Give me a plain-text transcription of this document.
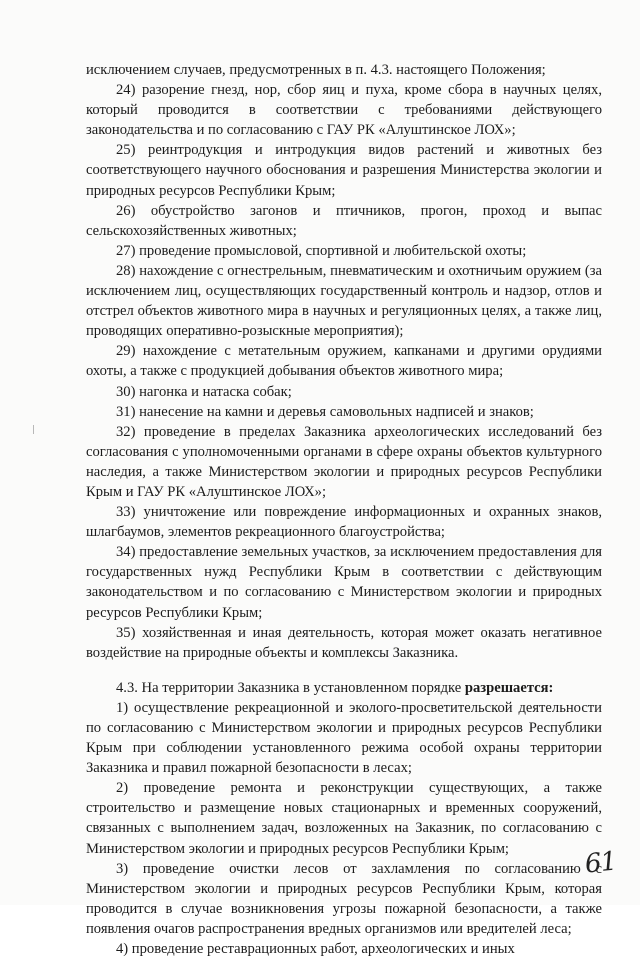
исключением случаев, предусмотренных в п. 4.3. настоящего Положения;

24) разорение гнезд, нор, сбор яиц и пуха, кроме сбора в научных целях, который проводится в соответствии с требованиями действующего законодательства и по согласованию с ГАУ РК «Алуштинское ЛОХ»;

25) реинтродукция и интродукция видов растений и животных без соответствующего научного обоснования и разрешения Министерства экологии и природных ресурсов Республики Крым;

26) обустройство загонов и птичников, прогон, проход и выпас сельскохозяйственных животных;

27) проведение промысловой, спортивной и любительской охоты;

28) нахождение с огнестрельным, пневматическим и охотничьим оружием (за исключением лиц, осуществляющих государственный контроль и надзор, отлов и отстрел объектов животного мира в научных и регуляционных целях, а также лиц, проводящих оперативно-розыскные мероприятия);

29) нахождение с метательным оружием, капканами и другими орудиями охоты, а также с продукцией добывания объектов животного мира;

30) нагонка и натаска собак;

31) нанесение на камни и деревья самовольных надписей и знаков;

32) проведение в пределах Заказника археологических исследований без согласования с уполномоченными органами в сфере охраны объектов культурного наследия, а также Министерством экологии и природных ресурсов Республики Крым и ГАУ РК «Алуштинское ЛОХ»;

33) уничтожение или повреждение информационных и охранных знаков, шлагбаумов, элементов рекреационного благоустройства;

34) предоставление земельных участков, за исключением предоставления для государственных нужд Республики Крым в соответствии с действующим законодательством и по согласованию с Министерством экологии и природных ресурсов Республики Крым;

35) хозяйственная и иная деятельность, которая может оказать негативное воздействие на природные объекты и комплексы Заказника.

4.3. На территории Заказника в установленном порядке разрешается:

1) осуществление рекреационной и эколого-просветительской деятельности по согласованию с Министерством экологии и природных ресурсов Республики Крым при соблюдении установленного режима особой охраны территории Заказника и правил пожарной безопасности в лесах;

2) проведение ремонта и реконструкции существующих, а также строительство и размещение новых стационарных и временных сооружений, связанных с выполнением задач, возложенных на Заказник, по согласованию с Министерством экологии и природных ресурсов Республики Крым;

3) проведение очистки лесов от захламления по согласованию с Министерством экологии и природных ресурсов Республики Крым, которая проводится в случае возникновения угрозы пожарной безопасности, а также появления очагов распространения вредных организмов или вредителей леса;

4) проведение реставрационных работ, археологических и иных

61
